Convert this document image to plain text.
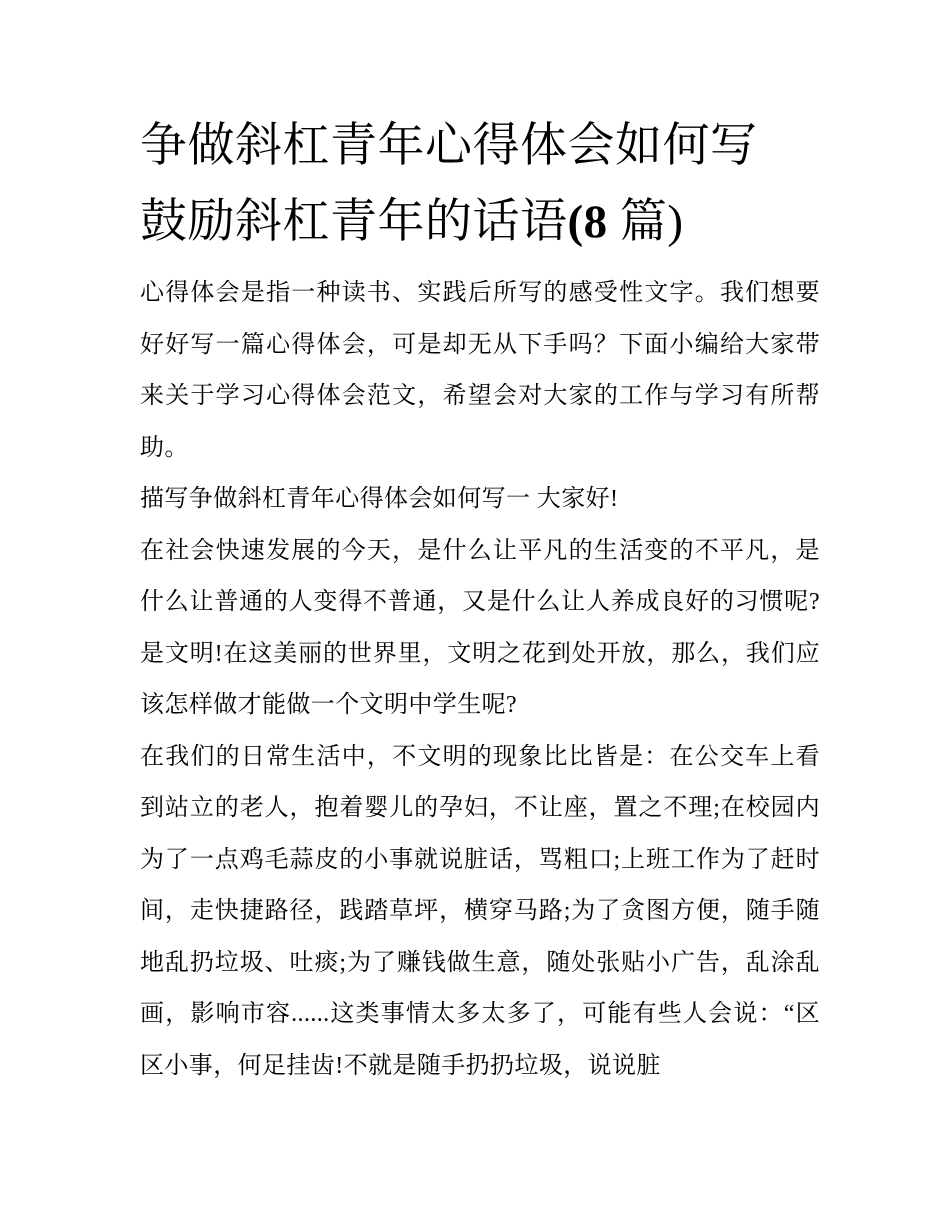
争做斜杠青年心得体会如何写
鼓励斜杠青年的话语(8 篇)

心得体会是指一种读书、实践后所写的感受性文字。我们想要好好写一篇心得体会，可是却无从下手吗？下面小编给大家带来关于学习心得体会范文，希望会对大家的工作与学习有所帮助。

描写争做斜杠青年心得体会如何写一 大家好!

在社会快速发展的今天，是什么让平凡的生活变的不平凡，是什么让普通的人变得不普通，又是什么让人养成良好的习惯呢?是文明!在这美丽的世界里，文明之花到处开放，那么，我们应该怎样做才能做一个文明中学生呢?

在我们的日常生活中，不文明的现象比比皆是：在公交车上看到站立的老人，抱着婴儿的孕妇，不让座，置之不理;在校园内为了一点鸡毛蒜皮的小事就说脏话，骂粗口;上班工作为了赶时间，走快捷路径，践踏草坪，横穿马路;为了贪图方便，随手随地乱扔垃圾、吐痰;为了赚钱做生意，随处张贴小广告，乱涂乱画，影响市容......这类事情太多太多了，可能有些人会说：“区区小事，何足挂齿!不就是随手扔扔垃圾，说说脏
